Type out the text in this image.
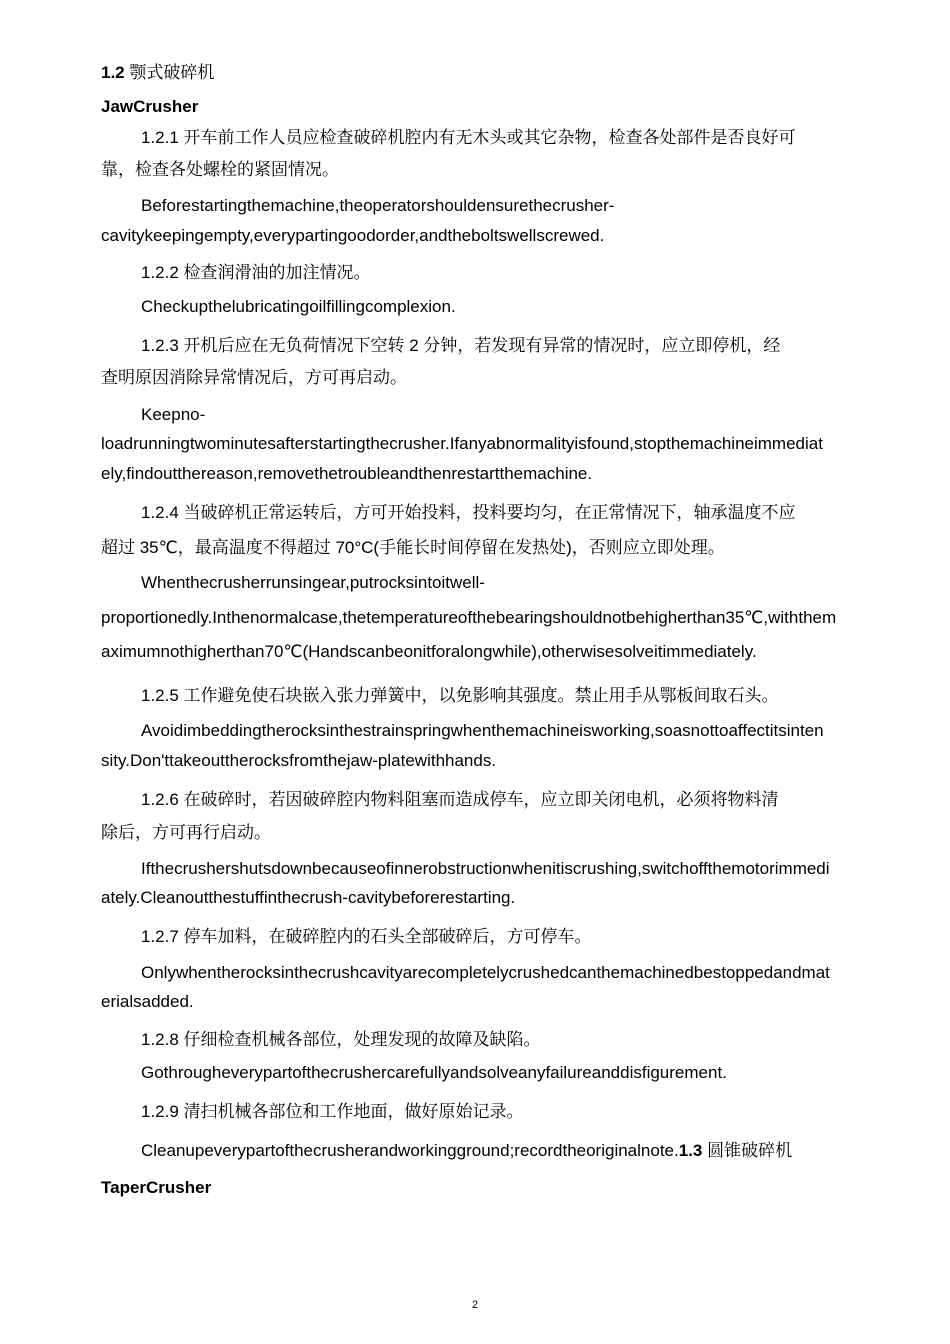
1.2 颚式破碎机
JawCrusher
1.2.1 开车前工作人员应检查破碎机腔内有无木头或其它杂物，检查各处部件是否良好可
靠，检查各处螺栓的紧固情况。
Beforestartingthemachine,theoperatorshouldensurethecrusher-
cavitykeepingempty,everypartingoodorder,andtheboltswellscrewed.
1.2.2 检查润滑油的加注情况。
Checkupthelubricatingoilfillingcomplexion.
1.2.3 开机后应在无负荷情况下空转 2 分钟，若发现有异常的情况时，应立即停机，经
查明原因消除异常情况后，方可再启动。
Keepno-
loadrunningtwominutesafterstartingthecrusher.Ifanyabnormalityisfound,stopthemachineimmediat
ely,findoutthereason,removethetroubleandthenrestartthemachine.
1.2.4 当破碎机正常运转后，方可开始投料，投料要均匀，在正常情况下，轴承温度不应
超过 35℃，最高温度不得超过 70°C(手能长时间停留在发热处)，否则应立即处理。
Whenthecrusherrunsingear,putrocksintoitwell-
proportionedly.Inthenormalcase,thetemperatureofthebearingshouldnotbehigherthan35℃,withthem
aximumnothigherthan70℃(Handscanbeonitforalongwhile),otherwisesolveitimmediately.
1.2.5 工作避免使石块嵌入张力弹簧中，以免影响其强度。禁止用手从鄂板间取石头。
Avoidimbeddingtherocksinthestrainspringwhenthemachineisworking,soasnottoaffectitsinten
sity.Don'ttakeouttherocksfromthejaw-platewithhands.
1.2.6 在破碎时，若因破碎腔内物料阻塞而造成停车，应立即关闭电机，必须将物料清
除后，方可再行启动。
Ifthecrushershutsdownbecauseofinnerobstructionwhenitiscrushing,switchoffthemotorimmedi
ately.Cleanoutthestuffinthecrush-cavitybeforerestarting.
1.2.7 停车加料，在破碎腔内的石头全部破碎后，方可停车。
Onlywhentherocksinthecrushcavityarecompletelycrushedcanthemachinedbestoppedandmat
erialsadded.
1.2.8 仔细检查机械各部位，处理发现的故障及缺陷。
Gothrougheverypartofthecrushercarefullyandsolveanyfailureanddisfigurement.
1.2.9 清扫机械各部位和工作地面，做好原始记录。
Cleanupeverypartofthecrusherandworkingground;recordtheoriginalnote.1.3 圆锥破碎机
TaperCrusher
2
